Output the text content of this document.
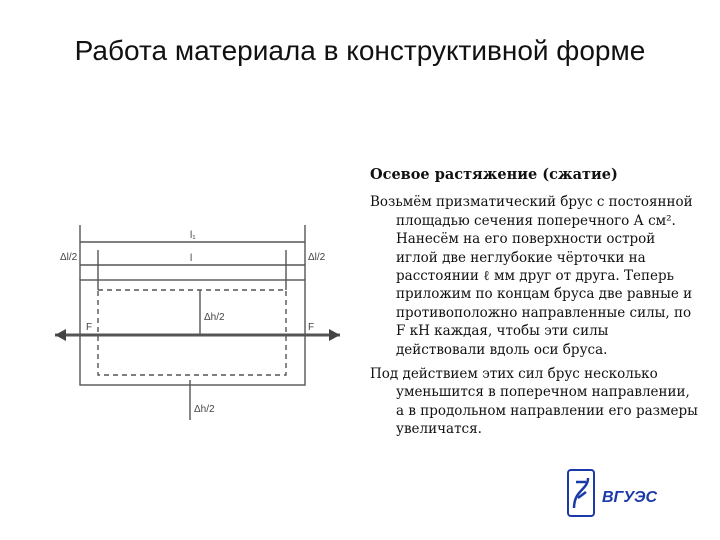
Работа материала в конструктивной форме
l₁
l
Δl/2	Δl/2
Δh/2
Δh/2
F	F
Осевое растяжение (сжатие)
Возьмём призматический брус с постоянной площадью сечения поперечного А см². Нанесём на его поверхности острой иглой две неглубокие чёрточки на расстоянии ℓ мм друг от друга. Теперь приложим по концам бруса две равные и противоположно направленные силы, по F кН каждая, чтобы эти силы действовали вдоль оси бруса.
Под действием этих сил брус несколько уменьшится в поперечном направлении, а в продольном направлении его размеры увеличатся.
ВГУЭС
